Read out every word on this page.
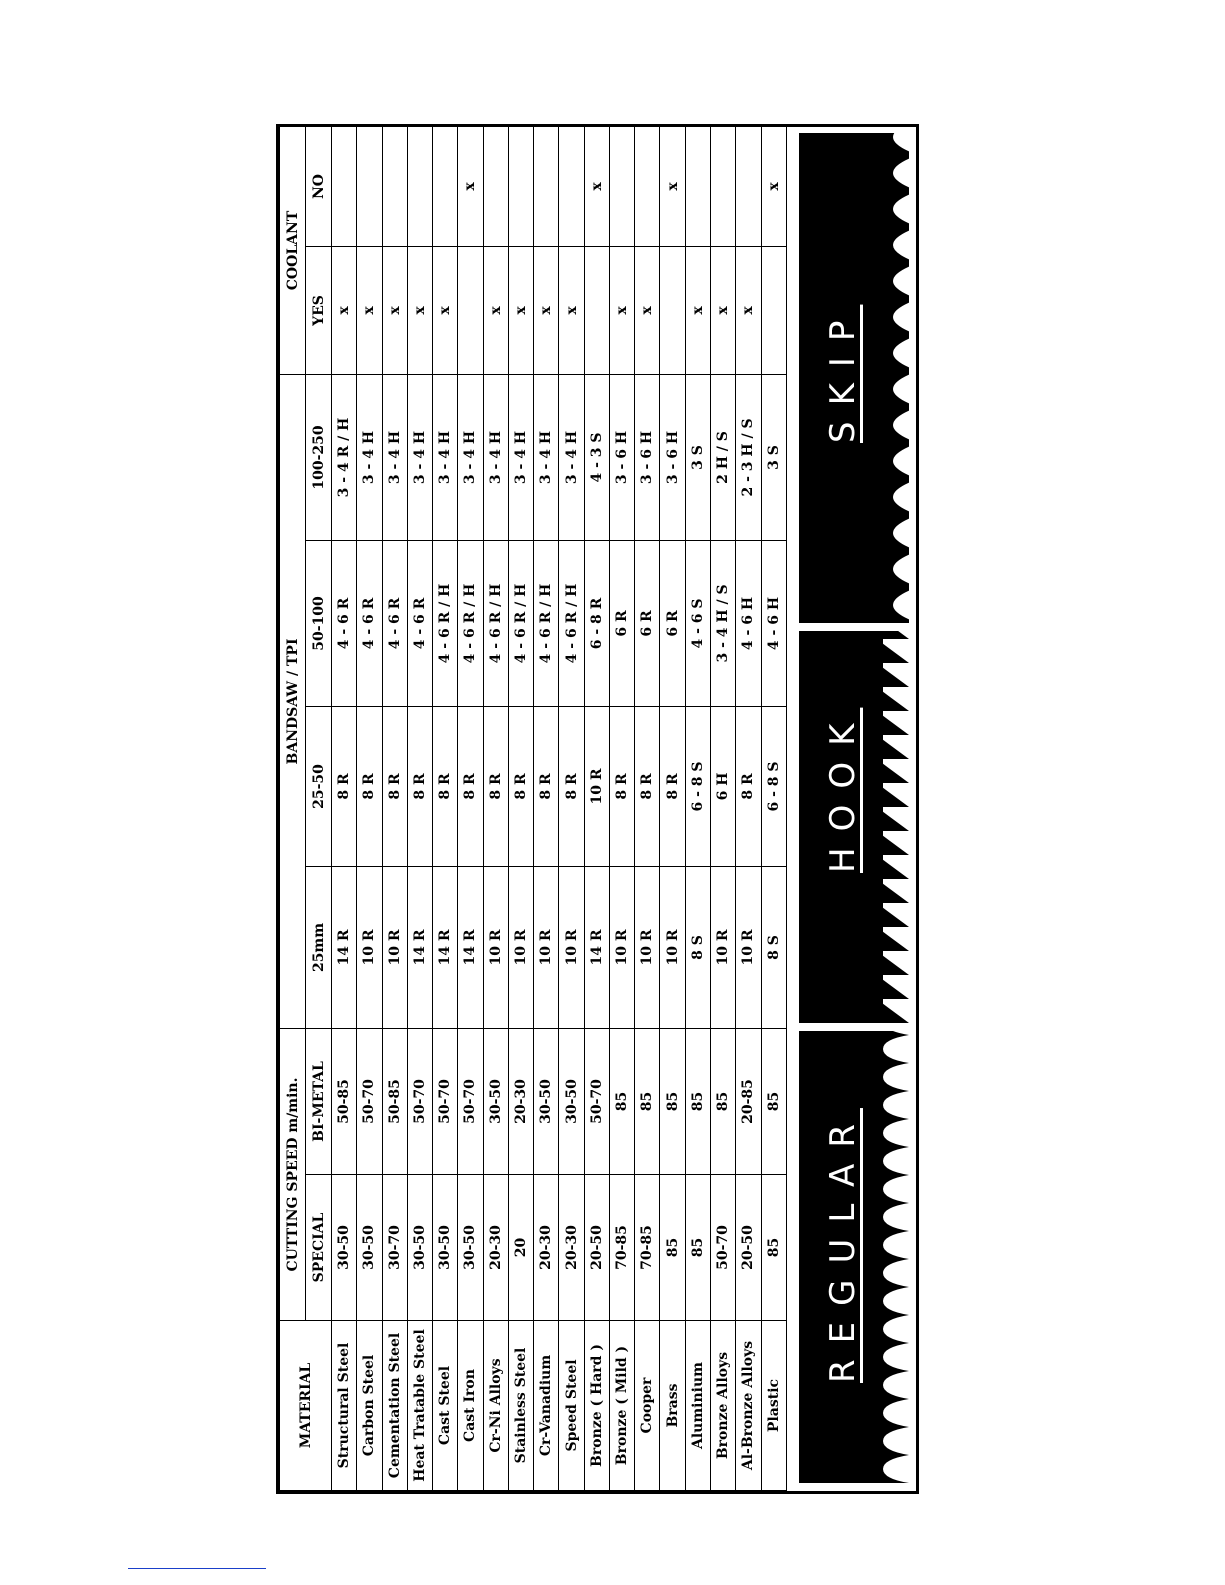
MATERIAL	CUTTING SPEED m/min.		BANDSAW / TPI				COOLANT	
	SPECIAL	BI-METAL	25mm	25-50	50-100	100-250	YES	NO
Structural Steel	30-50	50-85	14 R	8 R	4 - 6 R	3 - 4 R / H	x	
Carbon Steel	30-50	50-70	10 R	8 R	4 - 6 R	3 - 4 H	x	
Cementation Steel	30-70	50-85	10 R	8 R	4 - 6 R	3 - 4 H	x	
Heat Tratable Steel	30-50	50-70	14 R	8 R	4 - 6 R	3 - 4 H	x	
Cast Steel	30-50	50-70	14 R	8 R	4 - 6 R / H	3 - 4 H	x	
Cast Iron	30-50	50-70	14 R	8 R	4 - 6 R / H	3 - 4 H		x
Cr-Ni Alloys	20-30	30-50	10 R	8 R	4 - 6 R / H	3 - 4 H	x	
Stainless Steel	20	20-30	10 R	8 R	4 - 6 R / H	3 - 4 H	x	
Cr-Vanadium	20-30	30-50	10 R	8 R	4 - 6 R / H	3 - 4 H	x	
Speed Steel	20-30	30-50	10 R	8 R	4 - 6 R / H	3 - 4 H	x	
Bronze ( Hard )	20-50	50-70	14 R	10 R	6 - 8 R	4 - 3 S		x
Bronze ( Mild )	70-85	85	10 R	8 R	6 R	3 - 6 H	x	
Cooper	70-85	85	10 R	8 R	6 R	3 - 6 H	x	
Brass	85	85	10 R	8 R	6 R	3 - 6 H		x
Aluminium	85	85	8 S	6 - 8 S	4 - 6 S	3 S	x	
Bronze Alloys	50-70	85	10 R	6 H	3 - 4 H / S	2 H / S	x	
Al-Bronze Alloys	20-50	20-85	10 R	8 R	4 - 6 H	2 - 3 H / S	x	
Plastic	85	85	8 S	6 - 8 S	4 - 6 H	3 S		x
REGULAR
HOOK
SKIP
